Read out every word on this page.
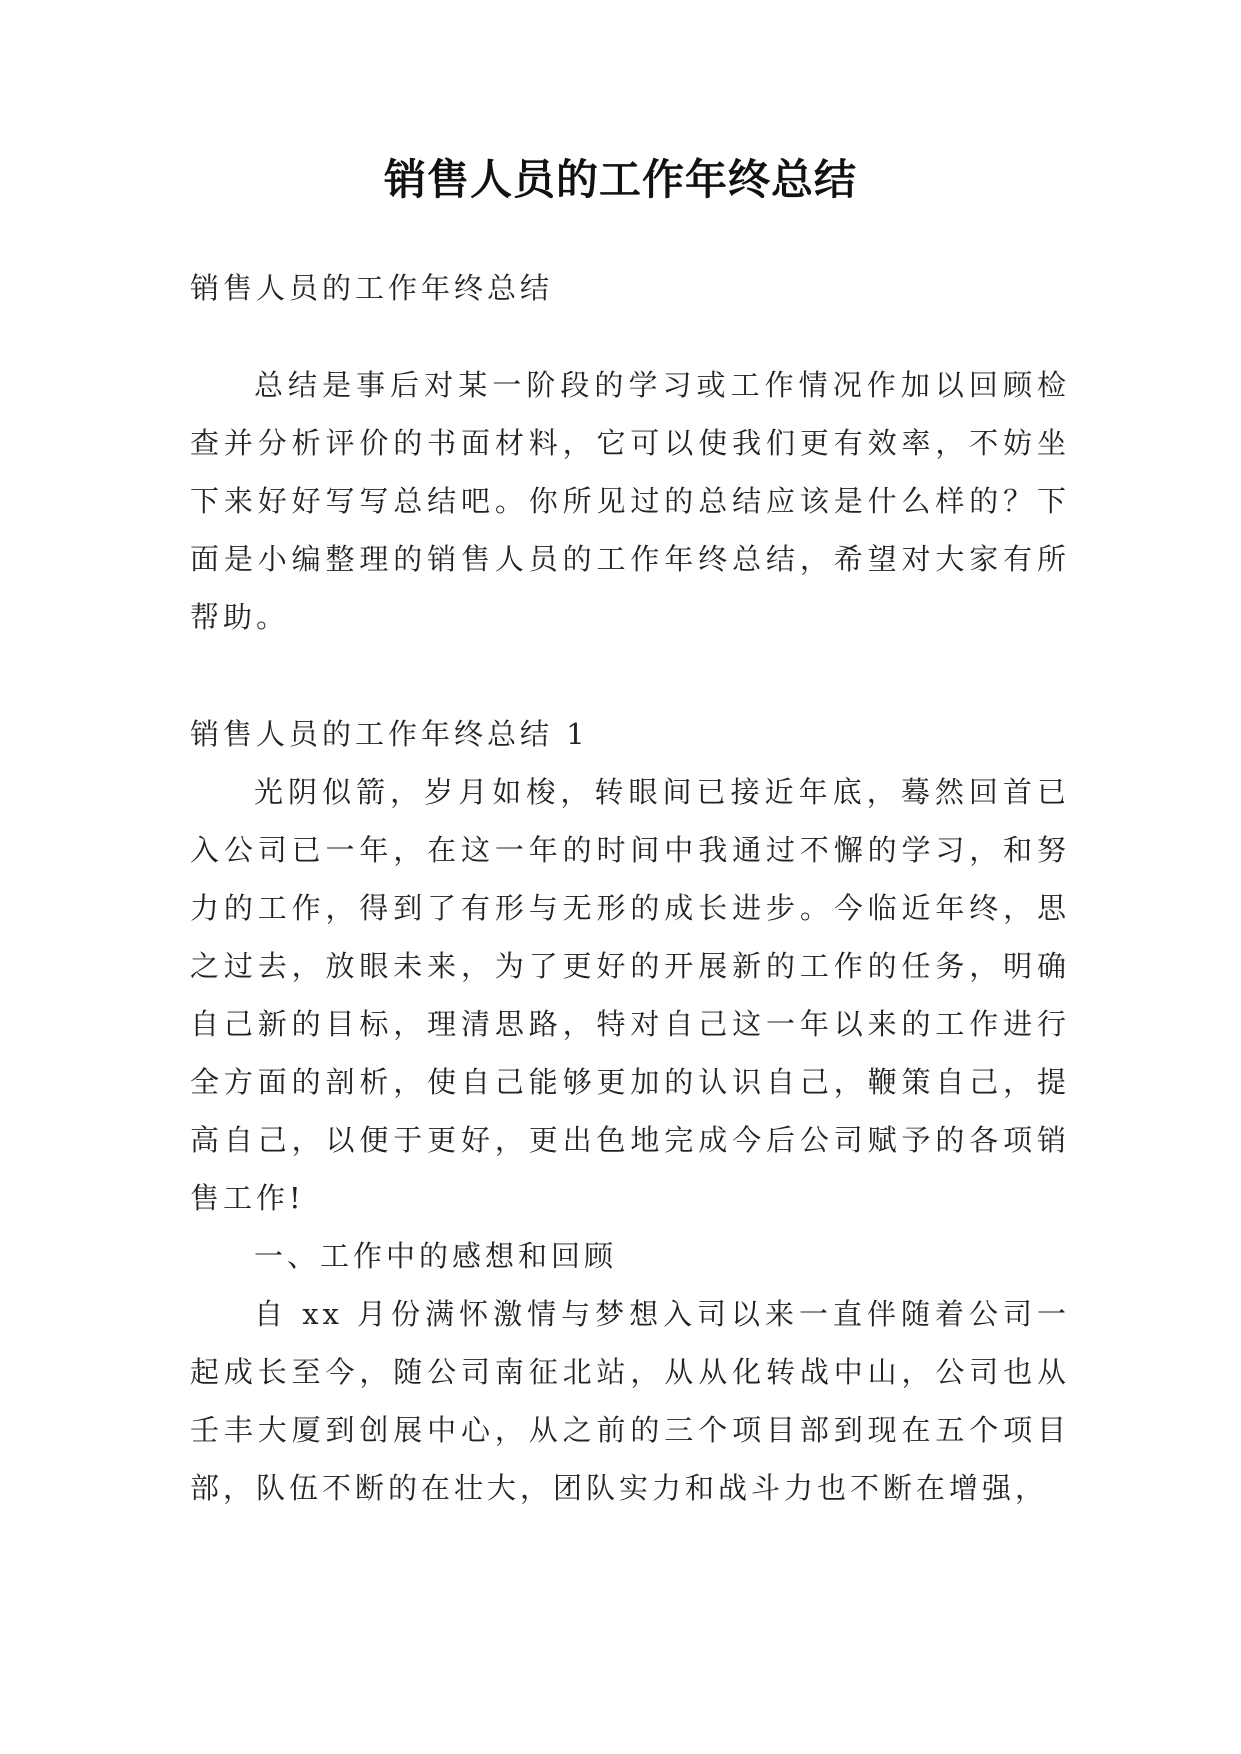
销售人员的工作年终总结

销售人员的工作年终总结

总结是事后对某一阶段的学习或工作情况作加以回顾检查并分析评价的书面材料，它可以使我们更有效率，不妨坐下来好好写写总结吧。你所见过的总结应该是什么样的？下面是小编整理的销售人员的工作年终总结，希望对大家有所帮助。

销售人员的工作年终总结 1

光阴似箭，岁月如梭，转眼间已接近年底，蓦然回首已入公司已一年，在这一年的时间中我通过不懈的学习，和努力的工作，得到了有形与无形的成长进步。今临近年终，思之过去，放眼未来，为了更好的开展新的工作的任务，明确自己新的目标，理清思路，特对自己这一年以来的工作进行全方面的剖析，使自己能够更加的认识自己，鞭策自己，提高自己，以便于更好，更出色地完成今后公司赋予的各项销售工作!

一、工作中的感想和回顾

自 xx 月份满怀激情与梦想入司以来一直伴随着公司一起成长至今，随公司南征北站，从从化转战中山，公司也从壬丰大厦到创展中心，从之前的三个项目部到现在五个项目部，队伍不断的在壮大，团队实力和战斗力也不断在增强，
